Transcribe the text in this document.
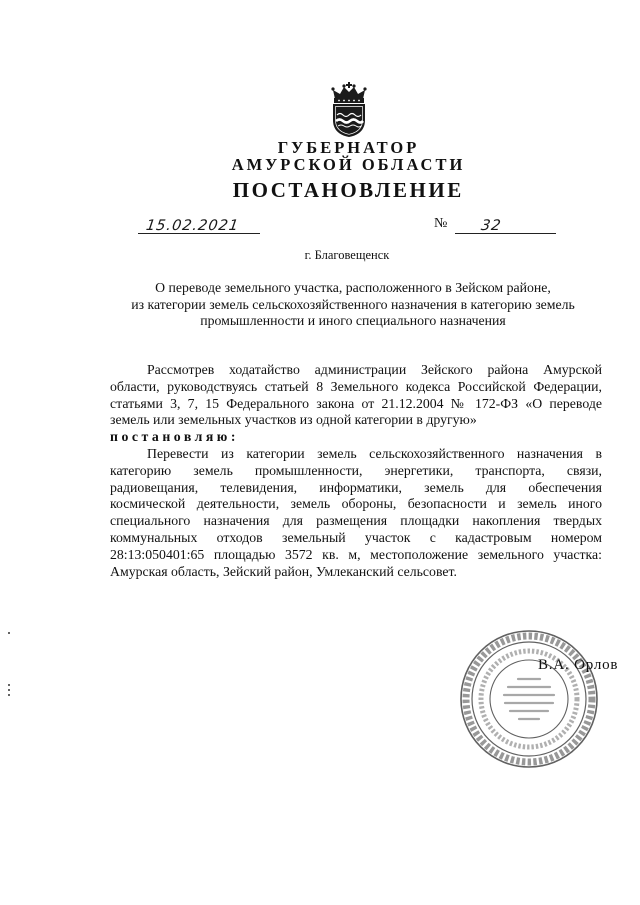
ГУБЕРНАТОР
АМУРСКОЙ ОБЛАСТИ
ПОСТАНОВЛЕНИЕ
15.02.2021	№	32
г. Благовещенск
О переводе земельного участка, расположенного в Зейском районе,
из категории земель сельскохозяйственного назначения в категорию земель
промышленности и иного специального назначения
Рассмотрев ходатайство администрации Зейского района Амурской
области, руководствуясь статьей 8 Земельного кодекса Российской Федерации,
статьями 3, 7, 15 Федерального закона от 21.12.2004 № 172-ФЗ «О переводе
земель или земельных участков из одной категории в другую»
постановляю:
Перевести из категории земель сельскохозяйственного назначения в
категорию земель промышленности, энергетики, транспорта, связи,
радиовещания, телевидения, информатики, земель для обеспечения
космической деятельности, земель обороны, безопасности и земель иного
специального назначения для размещения площадки накопления твердых
коммунальных отходов земельный участок с кадастровым номером
28:13:050401:65 площадью 3572 кв. м, местоположение земельного участка:
Амурская область, Зейский район, Умлеканский сельсовет.
В.А. Орлов
